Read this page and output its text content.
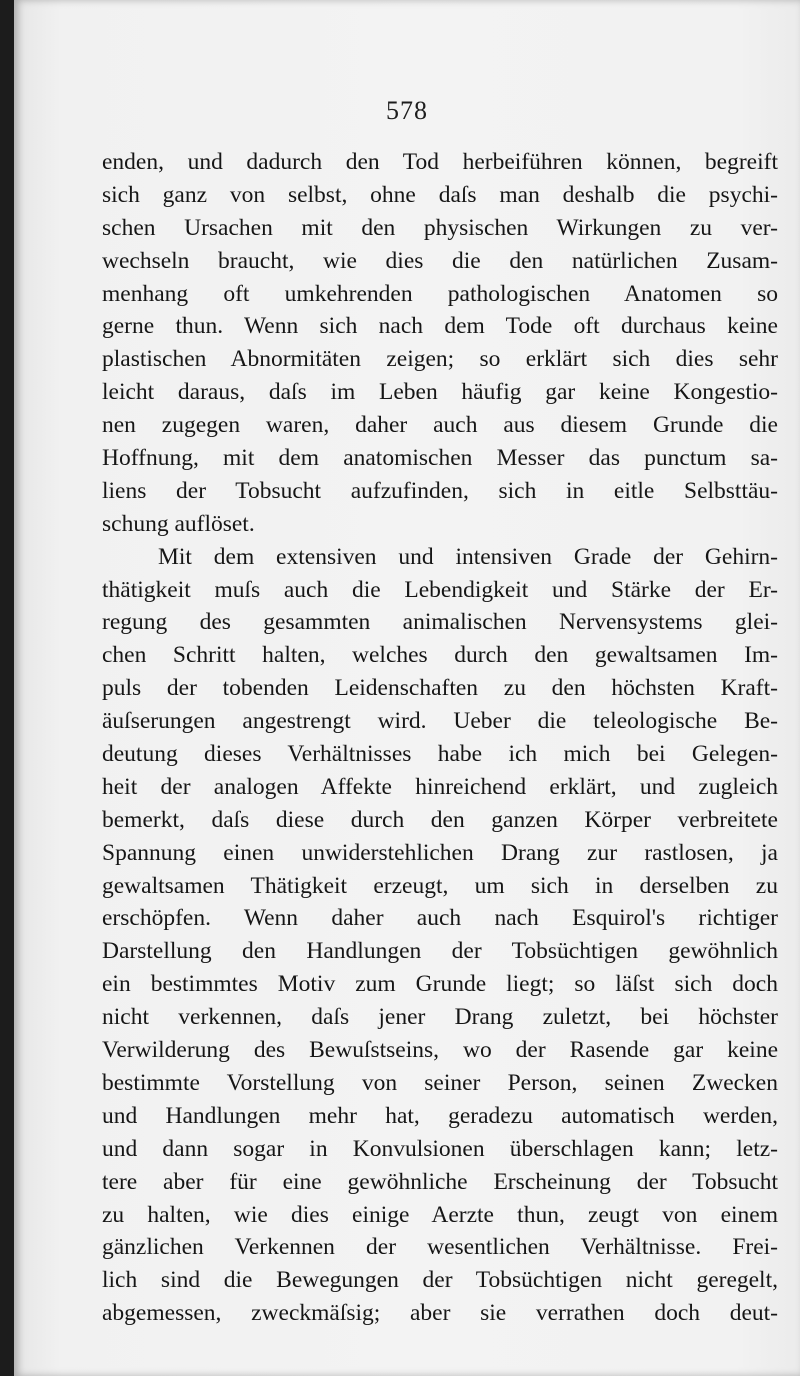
578
enden, und dadurch den Tod herbeiführen können, begreift
sich ganz von selbst, ohne daſs man deshalb die psychi-
schen Ursachen mit den physischen Wirkungen zu ver-
wechseln braucht, wie dies die den natürlichen Zusam-
menhang oft umkehrenden pathologischen Anatomen so
gerne thun. Wenn sich nach dem Tode oft durchaus keine
plastischen Abnormitäten zeigen; so erklärt sich dies sehr
leicht daraus, daſs im Leben häufig gar keine Kongestio-
nen zugegen waren, daher auch aus diesem Grunde die
Hoffnung, mit dem anatomischen Messer das punctum sa-
liens der Tobsucht aufzufinden, sich in eitle Selbsttäu-
schung auflöset.
Mit dem extensiven und intensiven Grade der Gehirn-
thätigkeit muſs auch die Lebendigkeit und Stärke der Er-
regung des gesammten animalischen Nervensystems glei-
chen Schritt halten, welches durch den gewaltsamen Im-
puls der tobenden Leidenschaften zu den höchsten Kraft-
äuſserungen angestrengt wird. Ueber die teleologische Be-
deutung dieses Verhältnisses habe ich mich bei Gelegen-
heit der analogen Affekte hinreichend erklärt, und zugleich
bemerkt, daſs diese durch den ganzen Körper verbreitete
Spannung einen unwiderstehlichen Drang zur rastlosen, ja
gewaltsamen Thätigkeit erzeugt, um sich in derselben zu
erschöpfen. Wenn daher auch nach Esquirol's richtiger
Darstellung den Handlungen der Tobsüchtigen gewöhnlich
ein bestimmtes Motiv zum Grunde liegt; so läſst sich doch
nicht verkennen, daſs jener Drang zuletzt, bei höchster
Verwilderung des Bewuſstseins, wo der Rasende gar keine
bestimmte Vorstellung von seiner Person, seinen Zwecken
und Handlungen mehr hat, geradezu automatisch werden,
und dann sogar in Konvulsionen überschlagen kann; letz-
tere aber für eine gewöhnliche Erscheinung der Tobsucht
zu halten, wie dies einige Aerzte thun, zeugt von einem
gänzlichen Verkennen der wesentlichen Verhältnisse. Frei-
lich sind die Bewegungen der Tobsüchtigen nicht geregelt,
abgemessen, zweckmäſsig; aber sie verrathen doch deut-
